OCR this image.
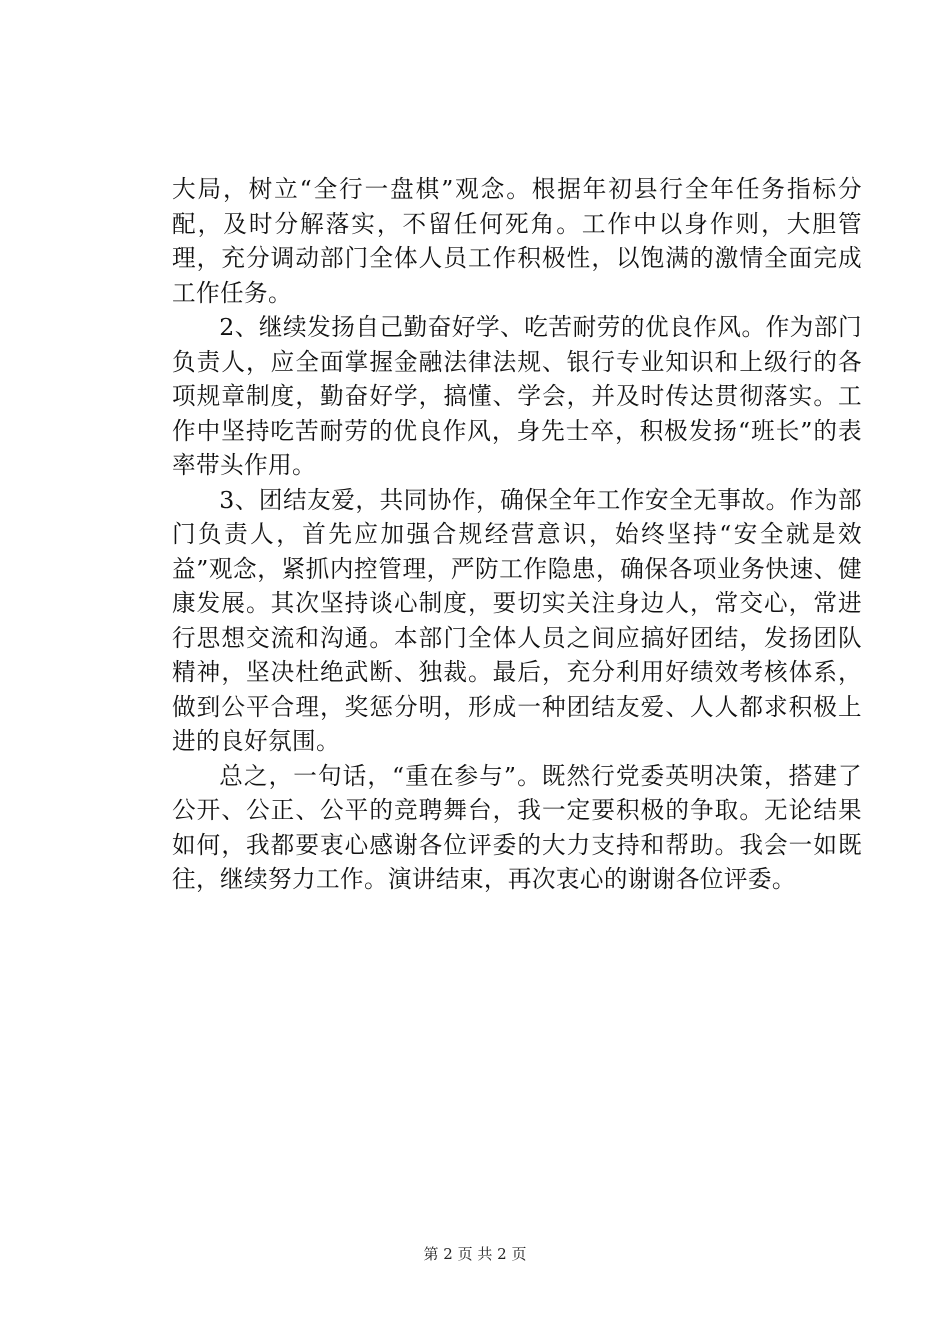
大局，树立“全行一盘棋”观念。根据年初县行全年任务指标分配，及时分解落实，不留任何死角。工作中以身作则，大胆管理，充分调动部门全体人员工作积极性，以饱满的激情全面完成工作任务。

2、继续发扬自己勤奋好学、吃苦耐劳的优良作风。作为部门负责人，应全面掌握金融法律法规、银行专业知识和上级行的各项规章制度，勤奋好学，搞懂、学会，并及时传达贯彻落实。工作中坚持吃苦耐劳的优良作风，身先士卒，积极发扬“班长”的表率带头作用。

3、团结友爱，共同协作，确保全年工作安全无事故。作为部门负责人，首先应加强合规经营意识，始终坚持“安全就是效益”观念，紧抓内控管理，严防工作隐患，确保各项业务快速、健康发展。其次坚持谈心制度，要切实关注身边人，常交心，常进行思想交流和沟通。本部门全体人员之间应搞好团结，发扬团队精神，坚决杜绝武断、独裁。最后，充分利用好绩效考核体系，做到公平合理，奖惩分明，形成一种团结友爱、人人都求积极上进的良好氛围。

总之，一句话，“重在参与”。既然行党委英明决策，搭建了公开、公正、公平的竞聘舞台，我一定要积极的争取。无论结果如何，我都要衷心感谢各位评委的大力支持和帮助。我会一如既往，继续努力工作。演讲结束，再次衷心的谢谢各位评委。

第 2 页 共 2 页
